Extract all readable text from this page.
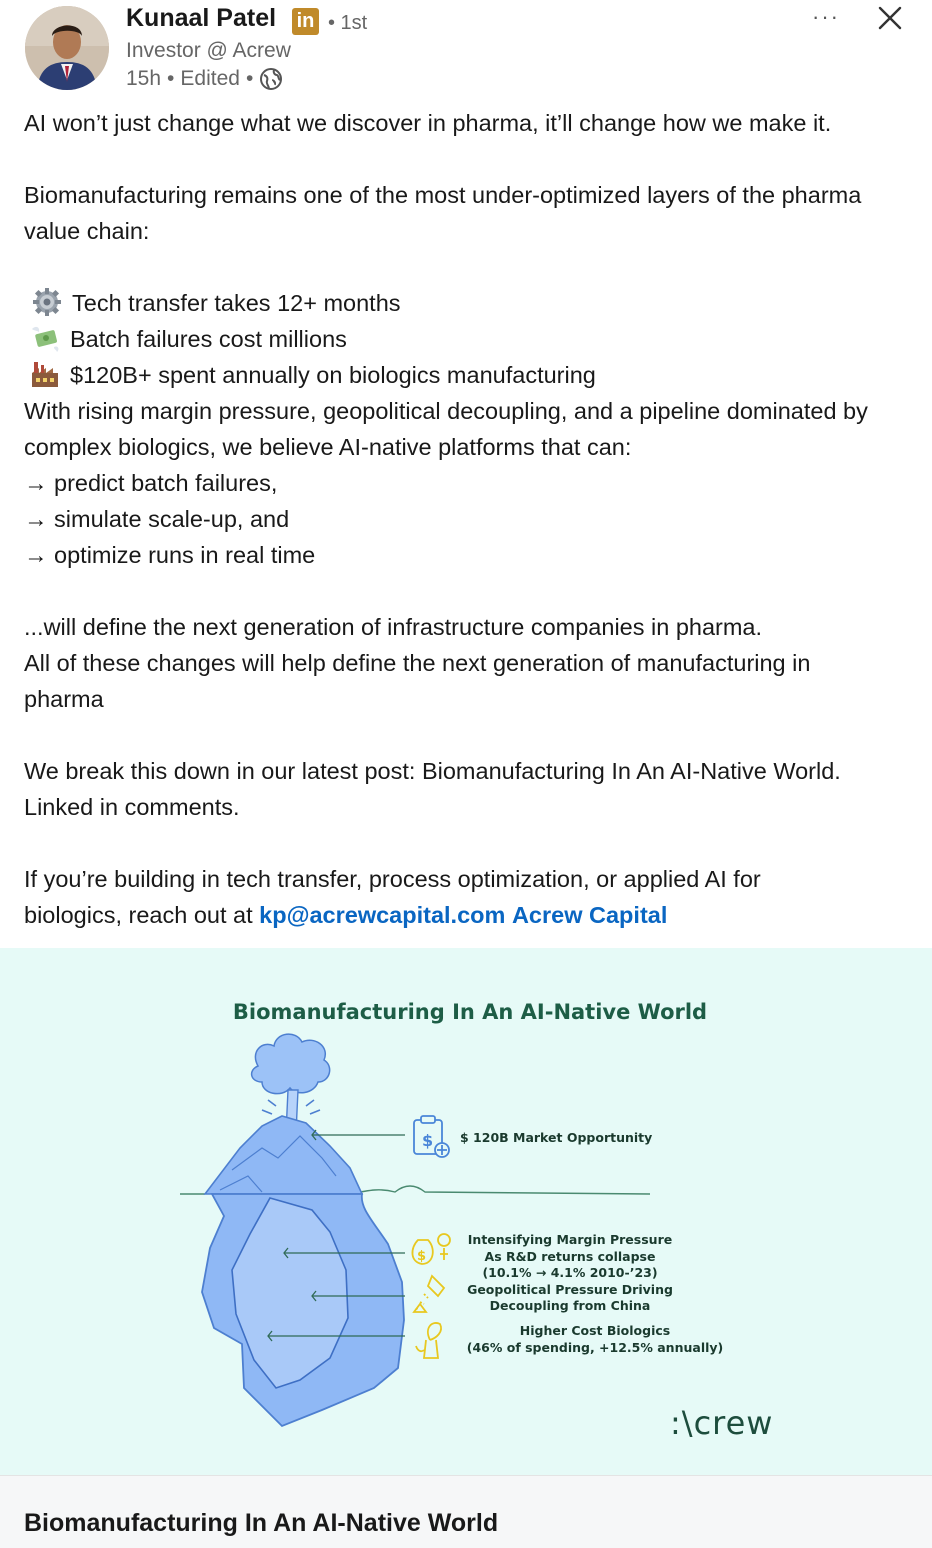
Kunaal Patel in • 1st
Investor @ Acrew
15h • Edited •
···

AI won’t just change what we discover in pharma, it’ll change how we make it.

Biomanufacturing remains one of the most under-optimized layers of the pharma value chain:

Tech transfer takes 12+ months

Batch failures cost millions

$120B+ spent annually on biologics manufacturing

With rising margin pressure, geopolitical decoupling, and a pipeline dominated by complex biologics, we believe AI-native platforms that can:

→ predict batch failures,

→ simulate scale-up, and

→ optimize runs in real time

...will define the next generation of infrastructure companies in pharma.

All of these changes will help define the next generation of manufacturing in pharma

We break this down in our latest post: Biomanufacturing In An AI-Native World. Linked in comments.

If you’re building in tech transfer, process optimization, or applied AI for biologics, reach out at kp@acrewcapital.com Acrew Capital

Biomanufacturing In An AI-Native World
$
$
$ 120B Market Opportunity
Intensifying Margin Pressure
As R&D returns collapse
(10.1% → 4.1% 2010-’23)
Geopolitical Pressure Driving
Decoupling from China
Higher Cost Biologics
(46% of spending, +12.5% annually)
:\crew
Biomanufacturing In An AI-Native World
